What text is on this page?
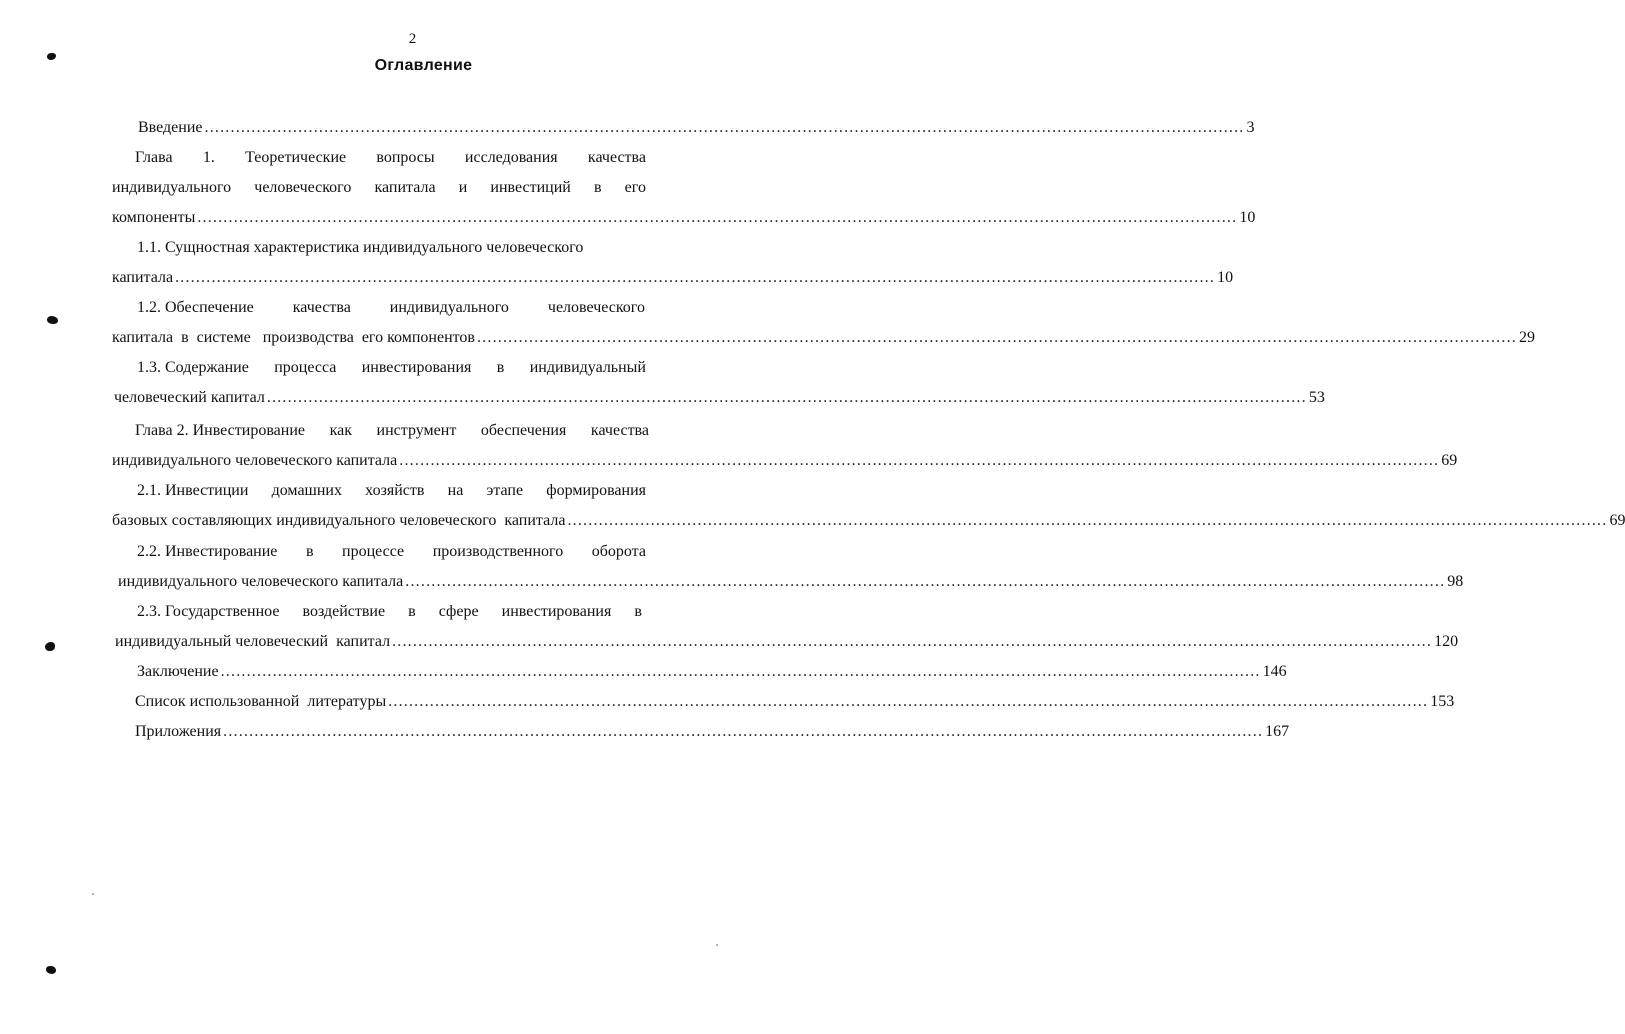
2
Оглавление
Введение ........................................................................................................................................................................................................ 3
Глава 1. Теоретические вопросы исследования качества
индивидуального человеческого капитала и инвестиций в его
компоненты ........................................................................................................................................................................................................ 10
1.1. Сущностная характеристика индивидуального человеческого
капитала ........................................................................................................................................................................................................ 10
1.2. Обеспечение качества индивидуального человеческого
капитала  в  системе   производства  его компонентов ........................................................................................................................................................................................................ 29
1.3. Содержание процесса инвестирования в индивидуальный
человеческий капитал ........................................................................................................................................................................................................ 53
Глава 2. Инвестирование как инструмент обеспечения качества
индивидуального человеческого капитала ........................................................................................................................................................................................................ 69
2.1. Инвестиции домашних хозяйств на этапе формирования
базовых составляющих индивидуального человеческого  капитала ........................................................................................................................................................................................................ 69
2.2. Инвестирование в процессе производственного оборота
индивидуального человеческого капитала ........................................................................................................................................................................................................ 98
2.3. Государственное воздействие в сфере инвестирования в
индивидуальный человеческий  капитал ........................................................................................................................................................................................................ 120
Заключение ........................................................................................................................................................................................................ 146
Список использованной  литературы ........................................................................................................................................................................................................ 153
Приложения ........................................................................................................................................................................................................ 167
